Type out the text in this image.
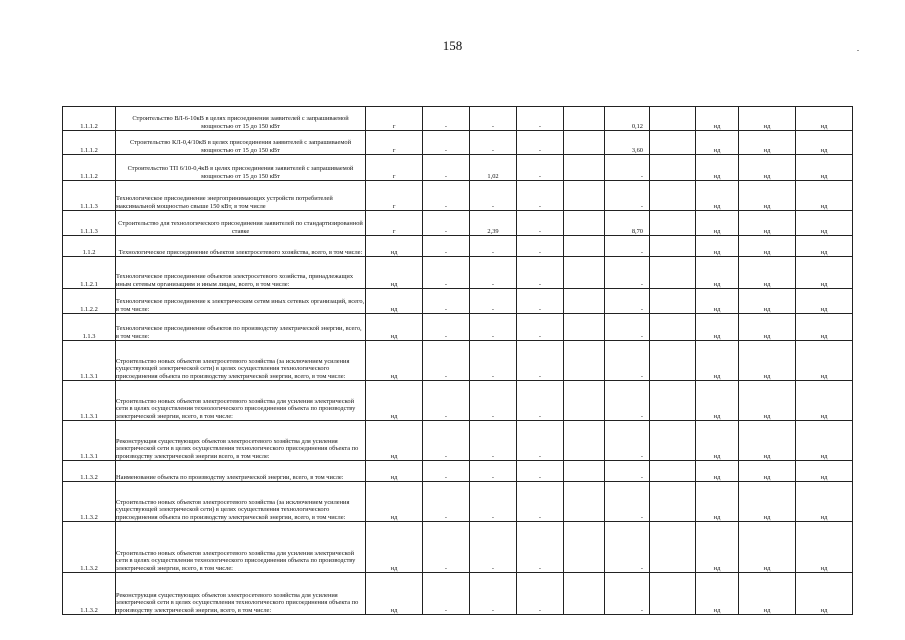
158
1.1.1.2	Строительство ВЛ-6-10кВ в целях присоединения заявителей с запрашиваемой мощностью от 15 до 150 кВт	г	-	-	-		0,12		нд	нд	нд
1.1.1.2	Строительство КЛ-0,4/10кВ в целях присоединения заявителей с запрашиваемой мощностью от 15 до 150 кВт	г	-	-	-		3,60		нд	нд	нд
1.1.1.2	Строительство ТП 6/10-0,4кВ в целях присоединения заявителей с запрашиваемой мощностью от 15 до 150 кВт	г	-	1,02	-		-		нд	нд	нд
1.1.1.3	Технологическое присоединение энергопринимающих устройств потребителей максимальной мощностью свыше 150 кВт, в том числе	г	-	-	-		-		нд	нд	нд
1.1.1.3	Строительство для технологического присоединения заявителей по стандартизированной ставке	г	-	2,39	-		8,70		нд	нд	нд
1.1.2	Технологическое присоединение объектов электросетевого хозяйства, всего, в том числе:	нд	-	-	-		-		нд	нд	нд
1.1.2.1	Технологическое присоединение объектов электросетевого хозяйства, принадлежащих иным сетевым организациям и иным лицам, всего, в том числе:	нд	-	-	-		-		нд	нд	нд
1.1.2.2	Технологическое присоединение к электрическим сетям иных сетевых организаций, всего, в том числе:	нд	-	-	-		-		нд	нд	нд
1.1.3	Технологическое присоединение объектов по производству электрической энергии, всего, в том числе:	нд	-	-	-		-		нд	нд	нд
1.1.3.1	Строительство новых объектов электросетевого хозяйства (за исключением усиления существующей электрической сети) в целях осуществления технологического присоединения объекта по производству электрической энергии, всего, в том числе:	нд	-	-	-		-		нд	нд	нд
1.1.3.1	Строительство новых объектов электросетевого хозяйства для усиления электрической сети в целях осуществления технологического присоединения объекта по производству электрической энергии, всего, в том числе:	нд	-	-	-		-		нд	нд	нд
1.1.3.1	Реконструкция существующих объектов электросетевого хозяйства для усиления электрической сети в целях осуществления технологического присоединения объекта по производству электрической энергии всего, в том числе:	нд	-	-	-		-		нд	нд	нд
1.1.3.2	Наименование объекта по производству электрической энергии, всего, в том числе:	нд	-	-	-		-		нд	нд	нд
1.1.3.2	Строительство новых объектов электросетевого хозяйства (за исключением усиления существующей электрической сети) в целях осуществления технологического присоединения объекта по производству электрической энергии, всего, в том числе:	нд	-	-	-		-		нд	нд	нд
1.1.3.2	Строительство новых объектов электросетевого хозяйства для усиления электрической сети в целях осуществления технологического присоединения объекта по производству электрической энергии, всего, в том числе:	нд	-	-	-		-		нд	нд	нд
1.1.3.2	Реконструкция существующих объектов электросетевого хозяйства для усиления электрической сети в целях осуществления технологического присоединения объекта по производству электрической энергии, всего, в том числе:	нд	-	-	-		-		нд	нд	нд
